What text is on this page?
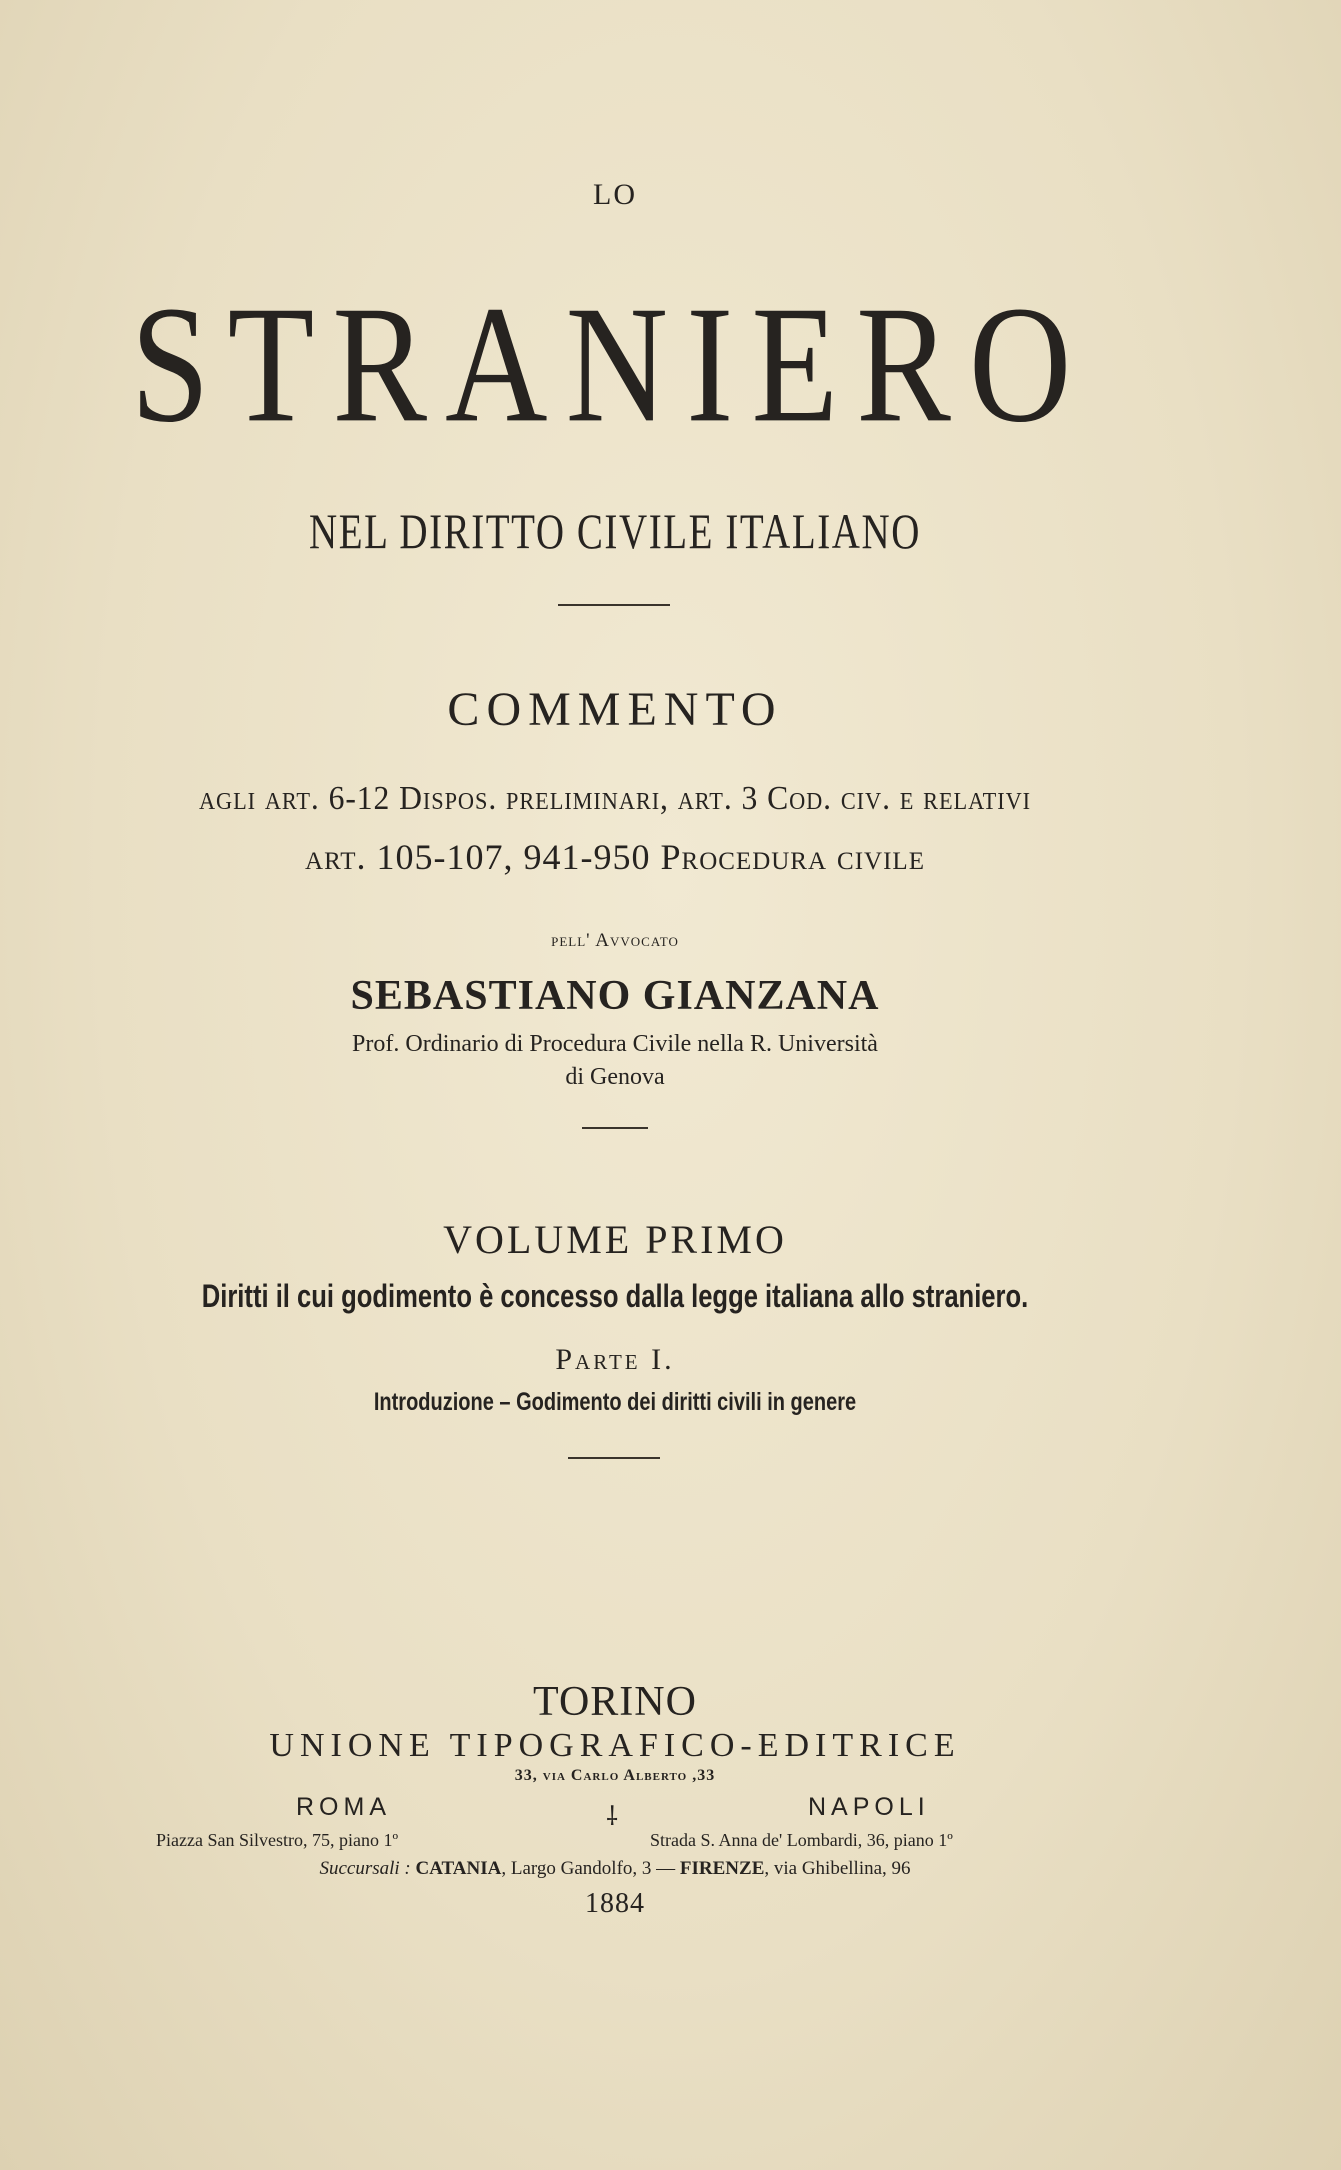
LO
STRANIERO
NEL DIRITTO CIVILE ITALIANO
COMMENTO
agli art. 6-12 Dispos. preliminari, art. 3 Cod. civ. e relativi
art. 105-107, 941-950 Procedura civile
pell' Avvocato
SEBASTIANO GIANZANA
Prof. Ordinario di Procedura Civile nella R. Università
di Genova
VOLUME PRIMO
Diritti il cui godimento è concesso dalla legge italiana allo straniero.
Parte I.
Introduzione – Godimento dei diritti civili in genere
TORINO
UNIONE TIPOGRAFICO-EDITRICE
33, via Carlo Alberto ,33
ROMA	⸸	NAPOLI
Piazza San Silvestro, 75, piano 1º	Strada S. Anna de' Lombardi, 36, piano 1º
Succursali : CATANIA, Largo Gandolfo, 3 — FIRENZE, via Ghibellina, 96
1884
